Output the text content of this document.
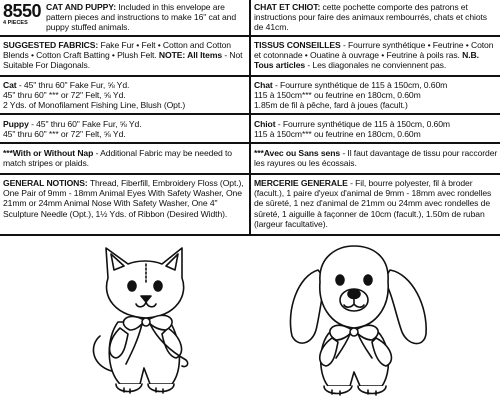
8550
4 PIECES
CAT AND PUPPY: Included in this envelope are pattern pieces and instructions to make 16" cat and puppy stuffed animals.
CHAT ET CHIOT: cette pochette comporte des patrons et instructions pour faire des animaux rembourrés, chats et chiots de 41cm.
SUGGESTED FABRICS: Fake Fur • Felt • Cotton and Cotton Blends • Cotton Craft Batting • Plush Felt. NOTE: All Items - Not Suitable For Diagonals.
TISSUS CONSEILLES - Fourrure synthétique • Feutrine • Coton et cotonnade • Ouatine à ouvrage • Feutrine à poils ras. N.B. Tous articles - Les diagonales ne conviennent pas.
Cat - 45" thru 60" Fake Fur, ⅝ Yd.
45" thru 60" *** or 72" Felt, ⅝ Yd.
2 Yds. of Monofilament Fishing Line, Blush (Opt.)
Chat - Fourrure synthétique de 115 à 150cm, 0.60m
115 à 150cm*** ou feutrine en 180cm, 0.60m
1.85m de fil à pêche, fard à joues (facult.)
Puppy - 45" thru 60" Fake Fur, ⅝ Yd.
45" thru 60" *** or 72" Felt, ⅝ Yd.
Chiot - Fourrure synthétique de 115 à 150cm, 0.60m
115 à 150cm*** ou feutrine en 180cm, 0.60m
***With or Without Nap - Additional Fabric may be needed to match stripes or plaids.
***Avec ou Sans sens - Il faut davantage de tissu pour raccorder les rayures ou les écossais.
GENERAL NOTIONS: Thread, Fiberfill, Embroidery Floss (Opt.), One Pair of 9mm - 18mm Animal Eyes With Safety Washer, One 21mm or 24mm Animal Nose With Safety Washer, One 4" Sculpture Needle (Opt.), 1½ Yds. of Ribbon (Desired Width).
MERCERIE GENERALE - Fil, bourre polyester, fil à broder (facult.), 1 paire d'yeux d'animal de 9mm - 18mm avec rondelles de sûreté, 1 nez d'animal de 21mm ou 24mm avec rondelles de sûreté, 1 aiguille à façonner de 10cm (facult.), 1.50m de ruban (largeur facultative).
